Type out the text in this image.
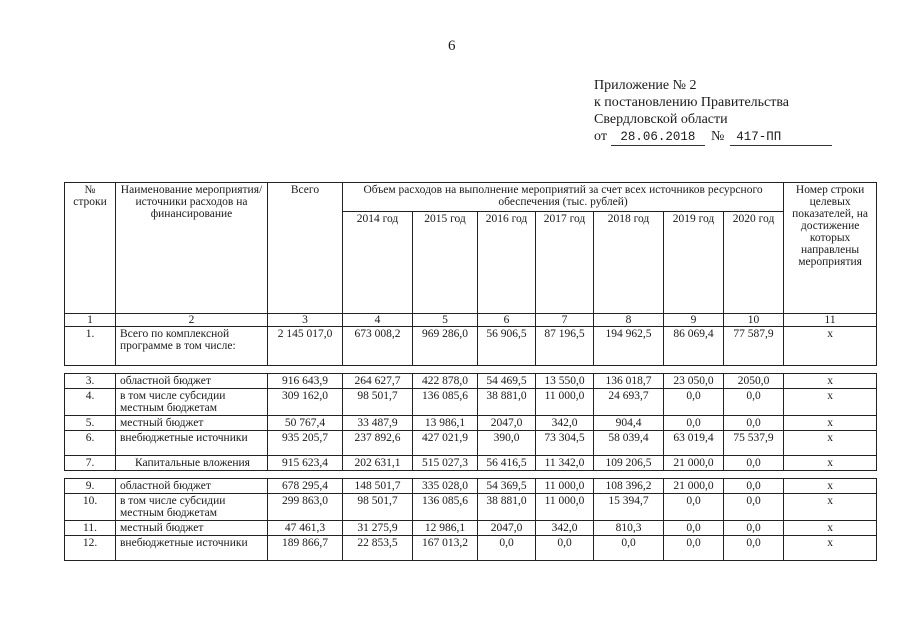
6
Приложение № 2
к постановлению Правительства
Свердловской области
от 28.06.2018 № 417-ПП
№ строки	Наименование мероприятия/ источники расходов на финансирование	Всего	Объем расходов на выполнение мероприятий за счет всех источников ресурсного обеспечения (тыс. рублей)							Номер строки целевых показателей, на достижение которых направлены мероприятия
			2014 год	2015 год	2016 год	2017 год	2018 год	2019 год	2020 год	
1	2	3	4	5	6	7	8	9	10	11
1.	Всего по комплексной программе в том числе:	2 145 017,0	673 008,2	969 286,0	56 906,5	87 196,5	194 962,5	86 069,4	77 587,9	х

3.	областной бюджет	916 643,9	264 627,7	422 878,0	54 469,5	13 550,0	136 018,7	23 050,0	2050,0	х
4.	в том числе субсидии местным бюджетам	309 162,0	98 501,7	136 085,6	38 881,0	11 000,0	24 693,7	0,0	0,0	х
5.	местный бюджет	50 767,4	33 487,9	13 986,1	2047,0	342,0	904,4	0,0	0,0	х
6.	внебюджетные источники	935 205,7	237 892,6	427 021,9	390,0	73 304,5	58 039,4	63 019,4	75 537,9	х
7.	Капитальные вложения	915 623,4	202 631,1	515 027,3	56 416,5	11 342,0	109 206,5	21 000,0	0,0	х

9.	областной бюджет	678 295,4	148 501,7	335 028,0	54 369,5	11 000,0	108 396,2	21 000,0	0,0	х
10.	в том числе субсидии местным бюджетам	299 863,0	98 501,7	136 085,6	38 881,0	11 000,0	15 394,7	0,0	0,0	х
11.	местный бюджет	47 461,3	31 275,9	12 986,1	2047,0	342,0	810,3	0,0	0,0	х
12.	внебюджетные источники	189 866,7	22 853,5	167 013,2	0,0	0,0	0,0	0,0	0,0	х
